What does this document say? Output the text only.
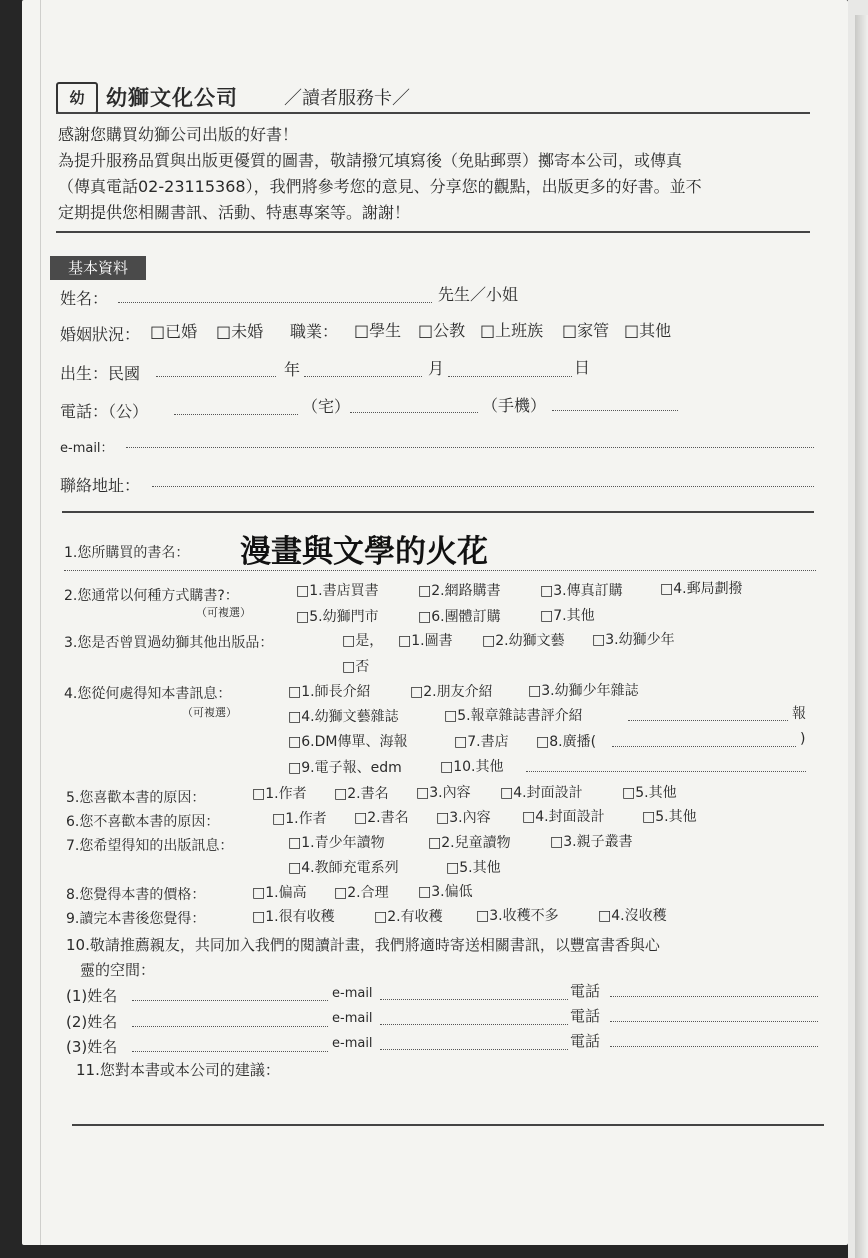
幼	幼獅文化公司	／讀者服務卡／
感謝您購買幼獅公司出版的好書！
為提升服務品質與出版更優質的圖書，敬請撥冗填寫後（免貼郵票）擲寄本公司，或傳真
（傳真電話02-23115368），我們將參考您的意見、分享您的觀點，出版更多的好書。並不
定期提供您相關書訊、活動、特惠專案等。謝謝！
基本資料
姓名：	先生／小姐
婚姻狀況： □已婚 □未婚 職業： □學生 □公教 □上班族 □家管 □其他
出生：民國	年	月	日
電話：（公）	（宅）	（手機）
e-mail：
聯絡地址：
1.您所購買的書名： 漫畫與文學的火花
2.您通常以何種方式購書?：
（可複選）
□1.書店買書	□2.網路購書	□3.傳真訂購	□4.郵局劃撥
□5.幼獅門市	□6.團體訂購	□7.其他
3.您是否曾買過幼獅其他出版品：	□是， □1.圖書 □2.幼獅文藝 □3.幼獅少年
□否
4.您從何處得知本書訊息：
（可複選）
□1.師長介紹	□2.朋友介紹	□3.幼獅少年雜誌
□4.幼獅文藝雜誌	□5.報章雜誌書評介紹	報
□6.DM傳單、海報	□7.書店 □8.廣播(	)
□9.電子報、edm	□10.其他
5.您喜歡本書的原因：	□1.作者 □2.書名 □3.內容 □4.封面設計	□5.其他
6.您不喜歡本書的原因：	□1.作者 □2.書名 □3.內容 □4.封面設計	□5.其他
7.您希望得知的出版訊息：	□1.青少年讀物	□2.兒童讀物	□3.親子叢書
□4.教師充電系列	□5.其他
8.您覺得本書的價格：	□1.偏高 □2.合理 □3.偏低
9.讀完本書後您覺得：	□1.很有收穫	□2.有收穫 □3.收穫不多	□4.沒收穫
10.敬請推薦親友，共同加入我們的閱讀計畫，我們將適時寄送相關書訊，以豐富書香與心
靈的空間：
(1)姓名	e-mail	電話
(2)姓名	e-mail	電話
(3)姓名	e-mail	電話
11.您對本書或本公司的建議：
